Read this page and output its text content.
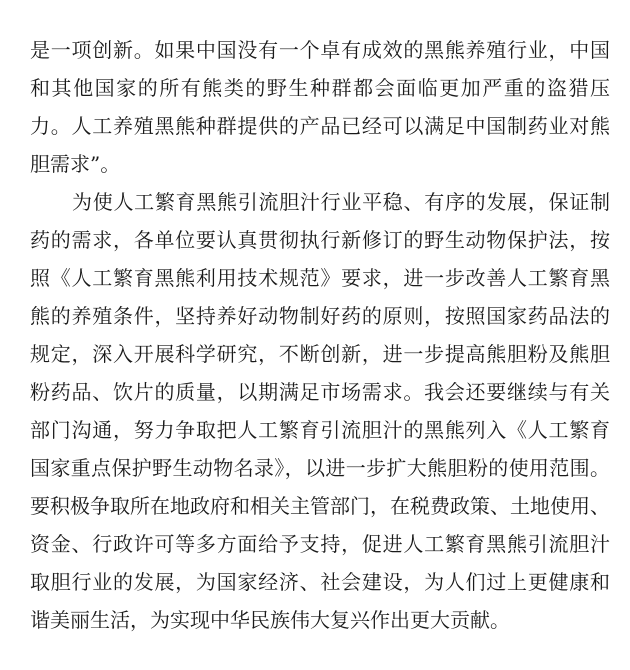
是一项创新。如果中国没有一个卓有成效的黑熊养殖行业，中国
和其他国家的所有熊类的野生种群都会面临更加严重的盗猎压
力。人工养殖黑熊种群提供的产品已经可以满足中国制药业对熊
胆需求”。
为使人工繁育黑熊引流胆汁行业平稳、有序的发展，保证制
药的需求，各单位要认真贯彻执行新修订的野生动物保护法，按
照《人工繁育黑熊利用技术规范》要求，进一步改善人工繁育黑
熊的养殖条件，坚持养好动物制好药的原则，按照国家药品法的
规定，深入开展科学研究，不断创新，进一步提高熊胆粉及熊胆
粉药品、饮片的质量，以期满足市场需求。我会还要继续与有关
部门沟通，努力争取把人工繁育引流胆汁的黑熊列入《人工繁育
国家重点保护野生动物名录》，以进一步扩大熊胆粉的使用范围。
要积极争取所在地政府和相关主管部门，在税费政策、土地使用、
资金、行政许可等多方面给予支持，促进人工繁育黑熊引流胆汁
取胆行业的发展，为国家经济、社会建设，为人们过上更健康和
谐美丽生活，为实现中华民族伟大复兴作出更大贡献。
